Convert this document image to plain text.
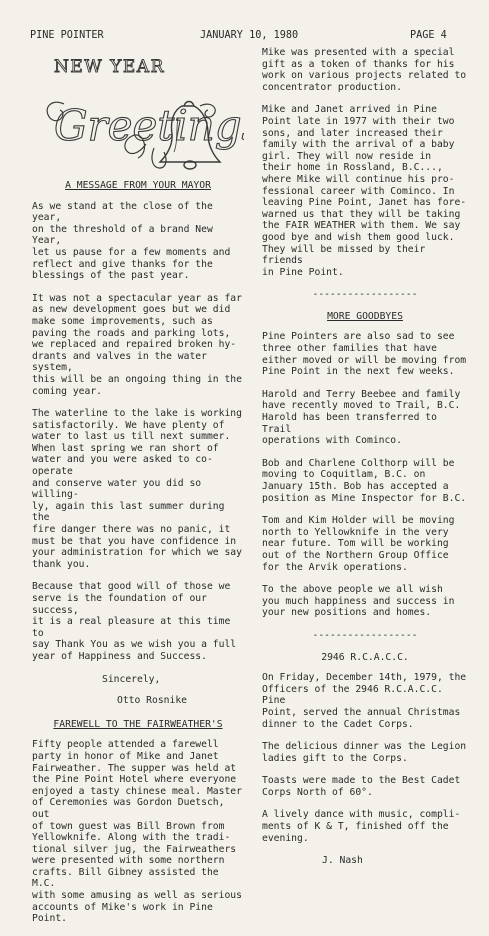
PINE POINTER	JANUARY 10, 1980	PAGE 4
NEW YEAR
Greetings
A MESSAGE FROM YOUR MAYOR
As we stand at the close of the year,
on the threshold of a brand New Year,
let us pause for a few moments and
reflect and give thanks for the
blessings of the past year.
It was not a spectacular year as far
as new development goes but we did
make some improvements, such as
paving the roads and parking lots,
we replaced and repaired broken hy-
drants and valves in the water system,
this will be an ongoing thing in the
coming year.
The waterline to the lake is working
satisfactorily. We have plenty of
water to last us till next summer.
When last spring we ran short of
water and you were asked to co-operate
and conserve water you did so willing-
ly, again this last summer during the
fire danger there was no panic, it
must be that you have confidence in
your administration for which we say
thank you.
Because that good will of those we
serve is the foundation of our success,
it is a real pleasure at this time to
say Thank You as we wish you a full
year of Happiness and Success.
Sincerely,
Otto Rosnike
FAREWELL TO THE FAIRWEATHER'S
Fifty people attended a farewell
party in honor of Mike and Janet
Fairweather. The supper was held at
the Pine Point Hotel where everyone
enjoyed a tasty chinese meal. Master
of Ceremonies was Gordon Duetsch, out
of town guest was Bill Brown from
Yellowknife. Along with the tradi-
tional silver jug, the Fairweathers
were presented with some northern
crafts. Bill Gibney assisted the M.C.
with some amusing as well as serious
accounts of Mike's work in Pine Point.
Mike was presented with a special
gift as a token of thanks for his
work on various projects related to
concentrator production.
Mike and Janet arrived in Pine
Point late in 1977 with their two
sons, and later increased their
family with the arrival of a baby
girl. They will now reside in
their home in Rossland, B.C...,
where Mike will continue his pro-
fessional career with Cominco. In
leaving Pine Point, Janet has fore-
warned us that they will be taking
the FAIR WEATHER with them. We say
good bye and wish them good luck.
They will be missed by their friends
in Pine Point.
------------------
MORE GOODBYES
Pine Pointers are also sad to see
three other families that have
either moved or will be moving from
Pine Point in the next few weeks.
Harold and Terry Beebee and family
have recently moved to Trail, B.C.
Harold has been transferred to Trail
operations with Cominco.
Bob and Charlene Colthorp will be
moving to Coquitlam, B.C. on
January 15th. Bob has accepted a
position as Mine Inspector for B.C.
Tom and Kim Holder will be moving
north to Yellowknife in the very
near future. Tom will be working
out of the Northern Group Office
for the Arvik operations.
To the above people we all wish
you much happiness and success in
your new positions and homes.
------------------
2946 R.C.A.C.C.
On Friday, December 14th, 1979, the
Officers of the 2946 R.C.A.C.C. Pine
Point, served the annual Christmas
dinner to the Cadet Corps.
The delicious dinner was the Legion
ladies gift to the Corps.
Toasts were made to the Best Cadet
Corps North of 60°.
A lively dance with music, compli-
ments of K & T, finished off the
evening.
J. Nash
